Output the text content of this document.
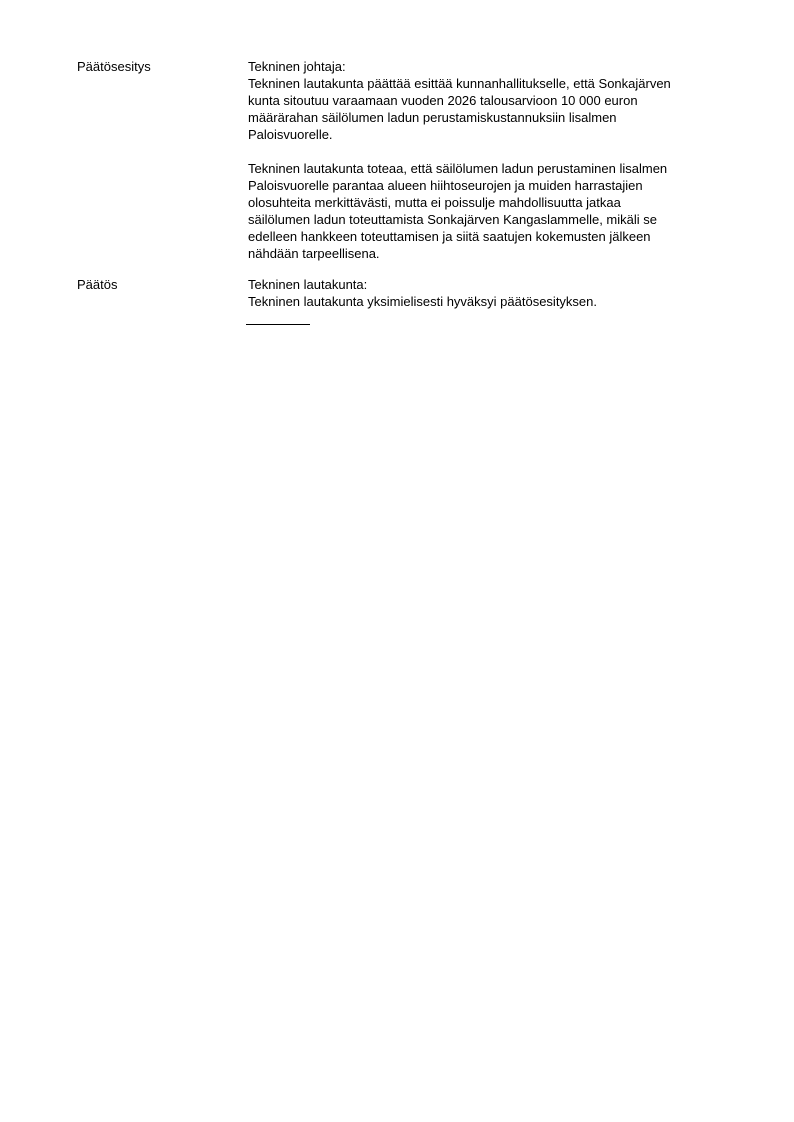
Päätösesitys	Tekninen johtaja:
Tekninen lautakunta päättää esittää kunnanhallitukselle, että Sonkajärven
kunta sitoutuu varaamaan vuoden 2026 talousarvioon 10 000 euron
määrärahan säilölumen ladun perustamiskustannuksiin lisalmen
Paloisvuorelle.
Tekninen lautakunta toteaa, että säilölumen ladun perustaminen lisalmen
Paloisvuorelle parantaa alueen hiihtoseurojen ja muiden harrastajien
olosuhteita merkittävästi, mutta ei poissulje mahdollisuutta jatkaa
säilölumen ladun toteuttamista Sonkajärven Kangaslammelle, mikäli se
edelleen hankkeen toteuttamisen ja siitä saatujen kokemusten jälkeen
nähdään tarpeellisena.
Päätös	Tekninen lautakunta:
Tekninen lautakunta yksimielisesti hyväksyi päätösesityksen.
